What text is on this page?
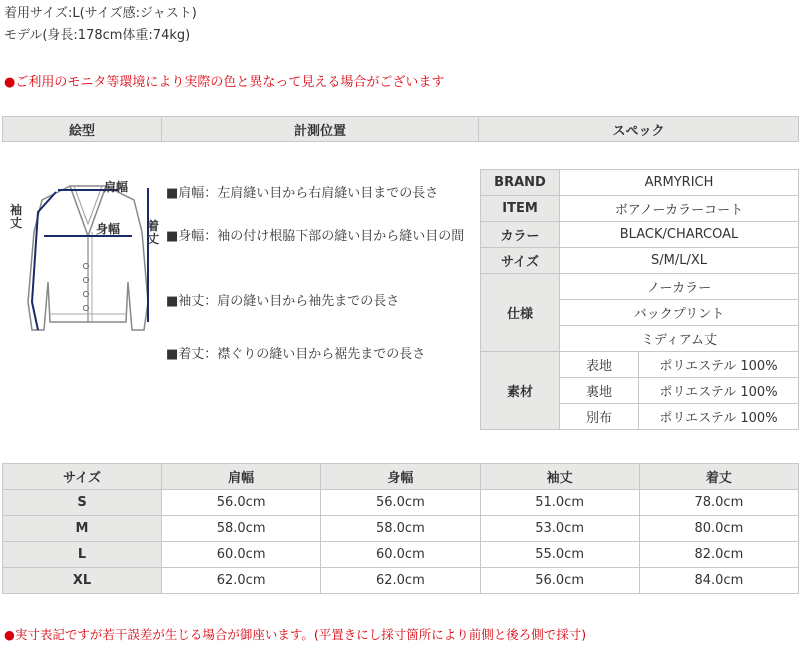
着用サイズ:L(サイズ感:ジャスト)
モデル(身長:178cm体重:74kg)
●ご利用のモニタ等環境により実際の色と異なって見える場合がございます
絵型	計測位置	スペック
肩幅
身幅
袖丈	着丈
■肩幅：左肩縫い目から右肩縫い目までの長さ
■身幅：袖の付け根脇下部の縫い目から縫い目の間
■袖丈：肩の縫い目から袖先までの長さ
■着丈：襟ぐりの縫い目から裾先までの長さ
BRAND	ARMYRICH	
ITEM	ボアノーカラーコート	
カラー	BLACK/CHARCOAL	
サイズ	S/M/L/XL	
仕様	ノーカラー	
	バックプリント	
	ミディアム丈	
素材	表地	ポリエステル 100%
	裏地	ポリエステル 100%
	別布	ポリエステル 100%
サイズ	肩幅	身幅	袖丈	着丈
S	56.0cm	56.0cm	51.0cm	78.0cm
M	58.0cm	58.0cm	53.0cm	80.0cm
L	60.0cm	60.0cm	55.0cm	82.0cm
XL	62.0cm	62.0cm	56.0cm	84.0cm
●実寸表記ですが若干誤差が生じる場合が御座います。(平置きにし採寸箇所により前側と後ろ側で採寸)
